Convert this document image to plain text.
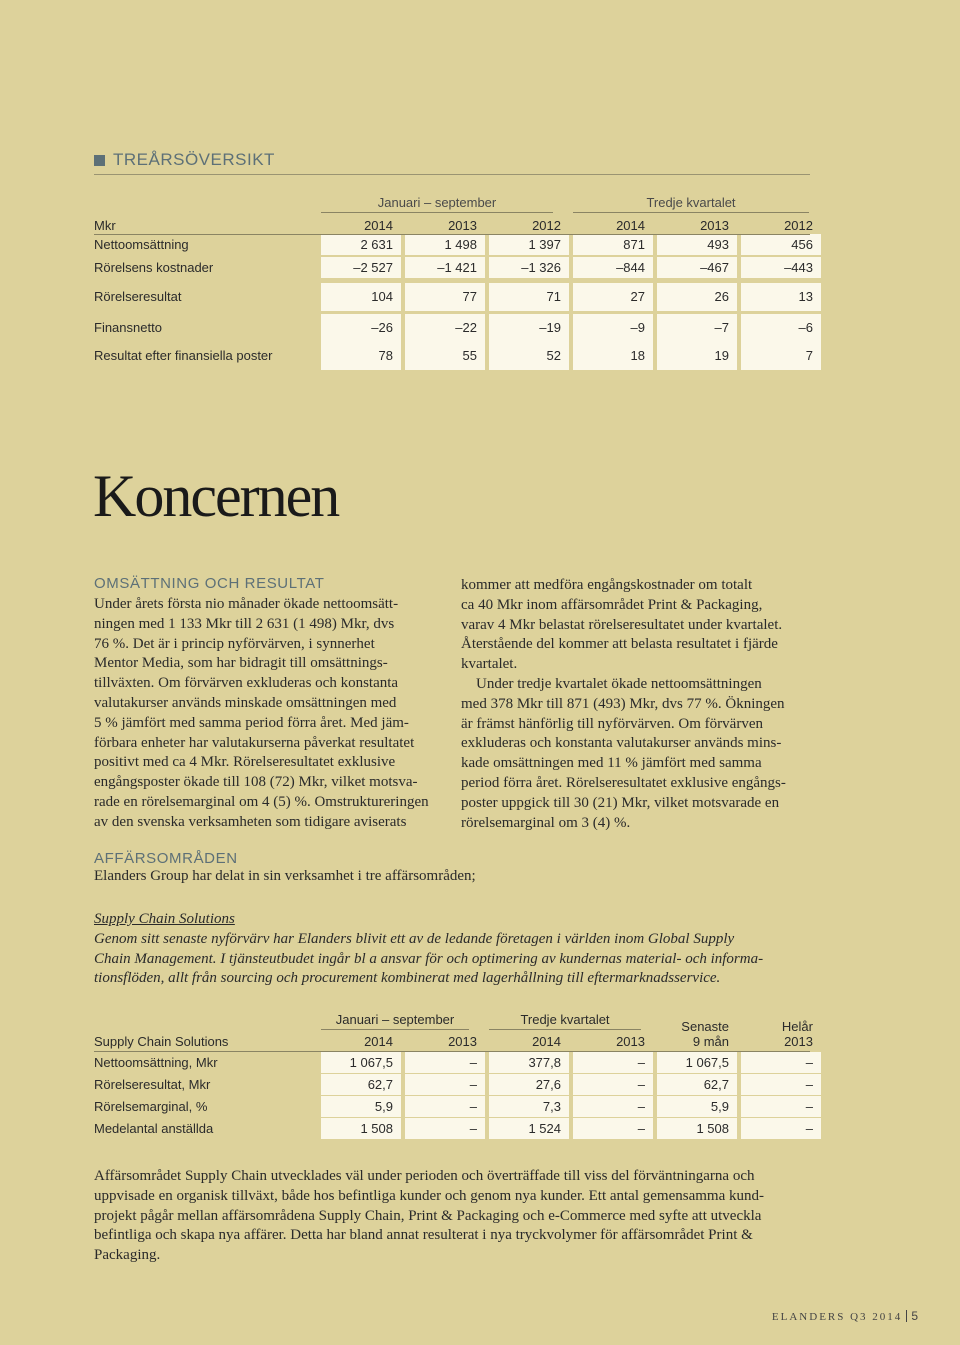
TREÅRSÖVERSIKT
Nettoomsättning	2 631	1 498	1 397	871	493	456
Rörelsens kostnader	–2 527	–1 421	–1 326	–844	–467	–443
Rörelseresultat	104	77	71	27	26	13
Finansnetto	–26	–22	–19	–9	–7	–6
Resultat efter finansiella poster	78	55	52	18	19	7
Januari – september	Tredje kvartalet
Mkr	2014	2013	2012	2014	2013	2012
Koncernen
OMSÄTTNING OCH RESULTAT
Under årets första nio månader ökade nettoomsätt-
ningen med 1 133 Mkr till 2 631 (1 498) Mkr, dvs
76 %. Det är i princip nyförvärven, i synnerhet
Mentor Media, som har bidragit till omsättnings-
tillväxten. Om förvärven exkluderas och konstanta
valutakurser används minskade omsättningen med
5 % jämfört med samma period förra året. Med jäm-
förbara enheter har valutakurserna påverkat resultatet
positivt med ca 4 Mkr. Rörelseresultatet exklusive
engångsposter ökade till 108 (72) Mkr, vilket motsva-
rade en rörelsemarginal om 4 (5) %. Omstruktureringen
av den svenska verksamheten som tidigare aviserats
kommer att medföra engångskostnader om totalt
ca 40 Mkr inom affärsområdet Print & Packaging,
varav 4 Mkr belastat rörelseresultatet under kvartalet.
Återstående del kommer att belasta resultatet i fjärde
kvartalet.
Under tredje kvartalet ökade nettoomsättningen
med 378 Mkr till 871 (493) Mkr, dvs 77 %. Ökningen
är främst hänförlig till nyförvärven. Om förvärven
exkluderas och konstanta valutakurser används mins-
kade omsättningen med 11 % jämfört med samma
period förra året. Rörelseresultatet exklusive engångs-
poster uppgick till 30 (21) Mkr, vilket motsvarade en
rörelsemarginal om 3 (4) %.
AFFÄRSOMRÅDEN
Elanders Group har delat in sin verksamhet i tre affärsområden;
Supply Chain Solutions
Genom sitt senaste nyförvärv har Elanders blivit ett av de ledande företagen i världen inom Global Supply
Chain Management. I tjänsteutbudet ingår bl a ansvar för och optimering av kundernas material- och informa-
tionsflöden, allt från sourcing och procurement kombinerat med lagerhållning till eftermarknadsservice.
Januari – september	Tredje kvartalet	Senaste	Helår
Supply Chain Solutions	2014	2013	2014	2013	9 mån	2013
Nettoomsättning, Mkr	1 067,5	–	377,8	–	1 067,5	–
Rörelseresultat, Mkr	62,7	–	27,6	–	62,7	–
Rörelsemarginal, %	5,9	–	7,3	–	5,9	–
Medelantal anställda	1 508	–	1 524	–	1 508	–
Affärsområdet Supply Chain utvecklades väl under perioden och överträffade till viss del förväntningarna och
uppvisade en organisk tillväxt, både hos befintliga kunder och genom nya kunder. Ett antal gemensamma kund-
projekt pågår mellan affärsområdena Supply Chain, Print & Packaging och e-Commerce med syfte att utveckla
befintliga och skapa nya affärer. Detta har bland annat resulterat i nya tryckvolymer för affärsområdet Print &
Packaging.
ELANDERS Q3 2014 5
